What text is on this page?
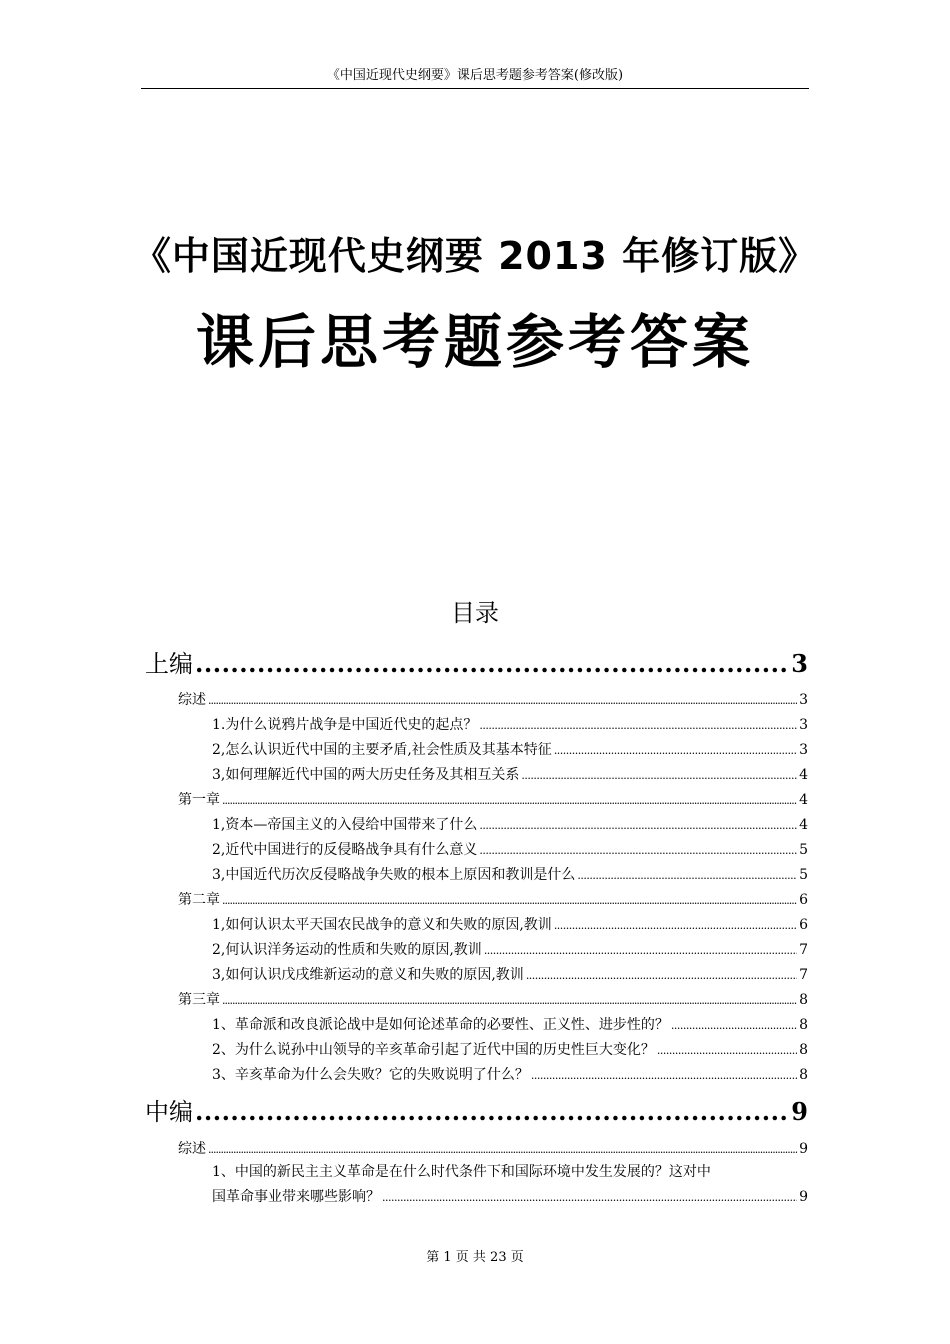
《中国近现代史纲要》课后思考题参考答案(修改版)
《中国近现代史纲要 2013 年修订版》
课后思考题参考答案
目录
上编 .....	3
综述 .....	3
1.为什么说鸦片战争是中国近代史的起点？ .....	3
2,怎么认识近代中国的主要矛盾,社会性质及其基本特征 .....	3
3,如何理解近代中国的两大历史任务及其相互关系 .....	4
第一章 .....	4
1,资本—帝国主义的入侵给中国带来了什么 .....	4
2,近代中国进行的反侵略战争具有什么意义 .....	5
3,中国近代历次反侵略战争失败的根本上原因和教训是什么 .....	5
第二章 .....	6
1,如何认识太平天国农民战争的意义和失败的原因,教训 .....	6
2,何认识洋务运动的性质和失败的原因,教训 .....	7
3,如何认识戊戌维新运动的意义和失败的原因,教训 .....	7
第三章 .....	8
1、革命派和改良派论战中是如何论述革命的必要性、正义性、进步性的？ .....	8
2、为什么说孙中山领导的辛亥革命引起了近代中国的历史性巨大变化？ .....	8
3、辛亥革命为什么会失败？它的失败说明了什么？ .....	8
中编 .....	9
综述 .....	9
1、中国的新民主主义革命是在什么时代条件下和国际环境中发生发展的？这对中
国革命事业带来哪些影响？ .....	9
第 1 页 共 23 页
